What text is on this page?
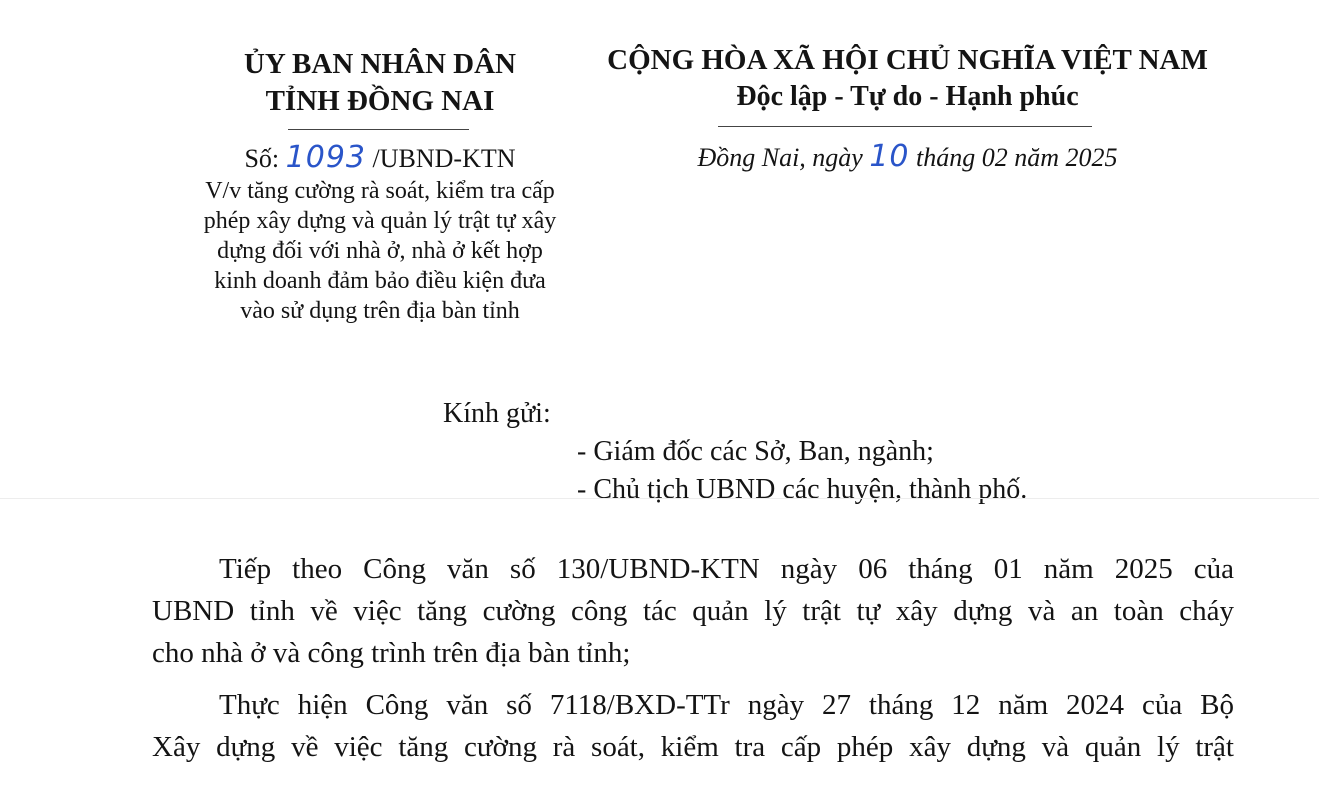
ỦY BAN NHÂN DÂN
TỈNH ĐỒNG NAI
CỘNG HÒA XÃ HỘI CHỦ NGHĨA VIỆT NAM
Độc lập - Tự do - Hạnh phúc
Số: 1093 /UBND-KTN
V/v tăng cường rà soát, kiểm tra cấp
phép xây dựng và quản lý trật tự xây
dựng đối với nhà ở, nhà ở kết hợp
kinh doanh đảm bảo điều kiện đưa
vào sử dụng trên địa bàn tỉnh
Đồng Nai, ngày 10 tháng 02 năm 2025
Kính gửi:
- Giám đốc các Sở, Ban, ngành;
- Chủ tịch UBND các huyện, thành phố.
Tiếp theo Công văn số 130/UBND-KTN ngày 06 tháng 01 năm 2025 của
UBND tỉnh về việc tăng cường công tác quản lý trật tự xây dựng và an toàn cháy
cho nhà ở và công trình trên địa bàn tỉnh;
Thực hiện Công văn số 7118/BXD-TTr ngày 27 tháng 12 năm 2024 của Bộ
Xây dựng về việc tăng cường rà soát, kiểm tra cấp phép xây dựng và quản lý trật
